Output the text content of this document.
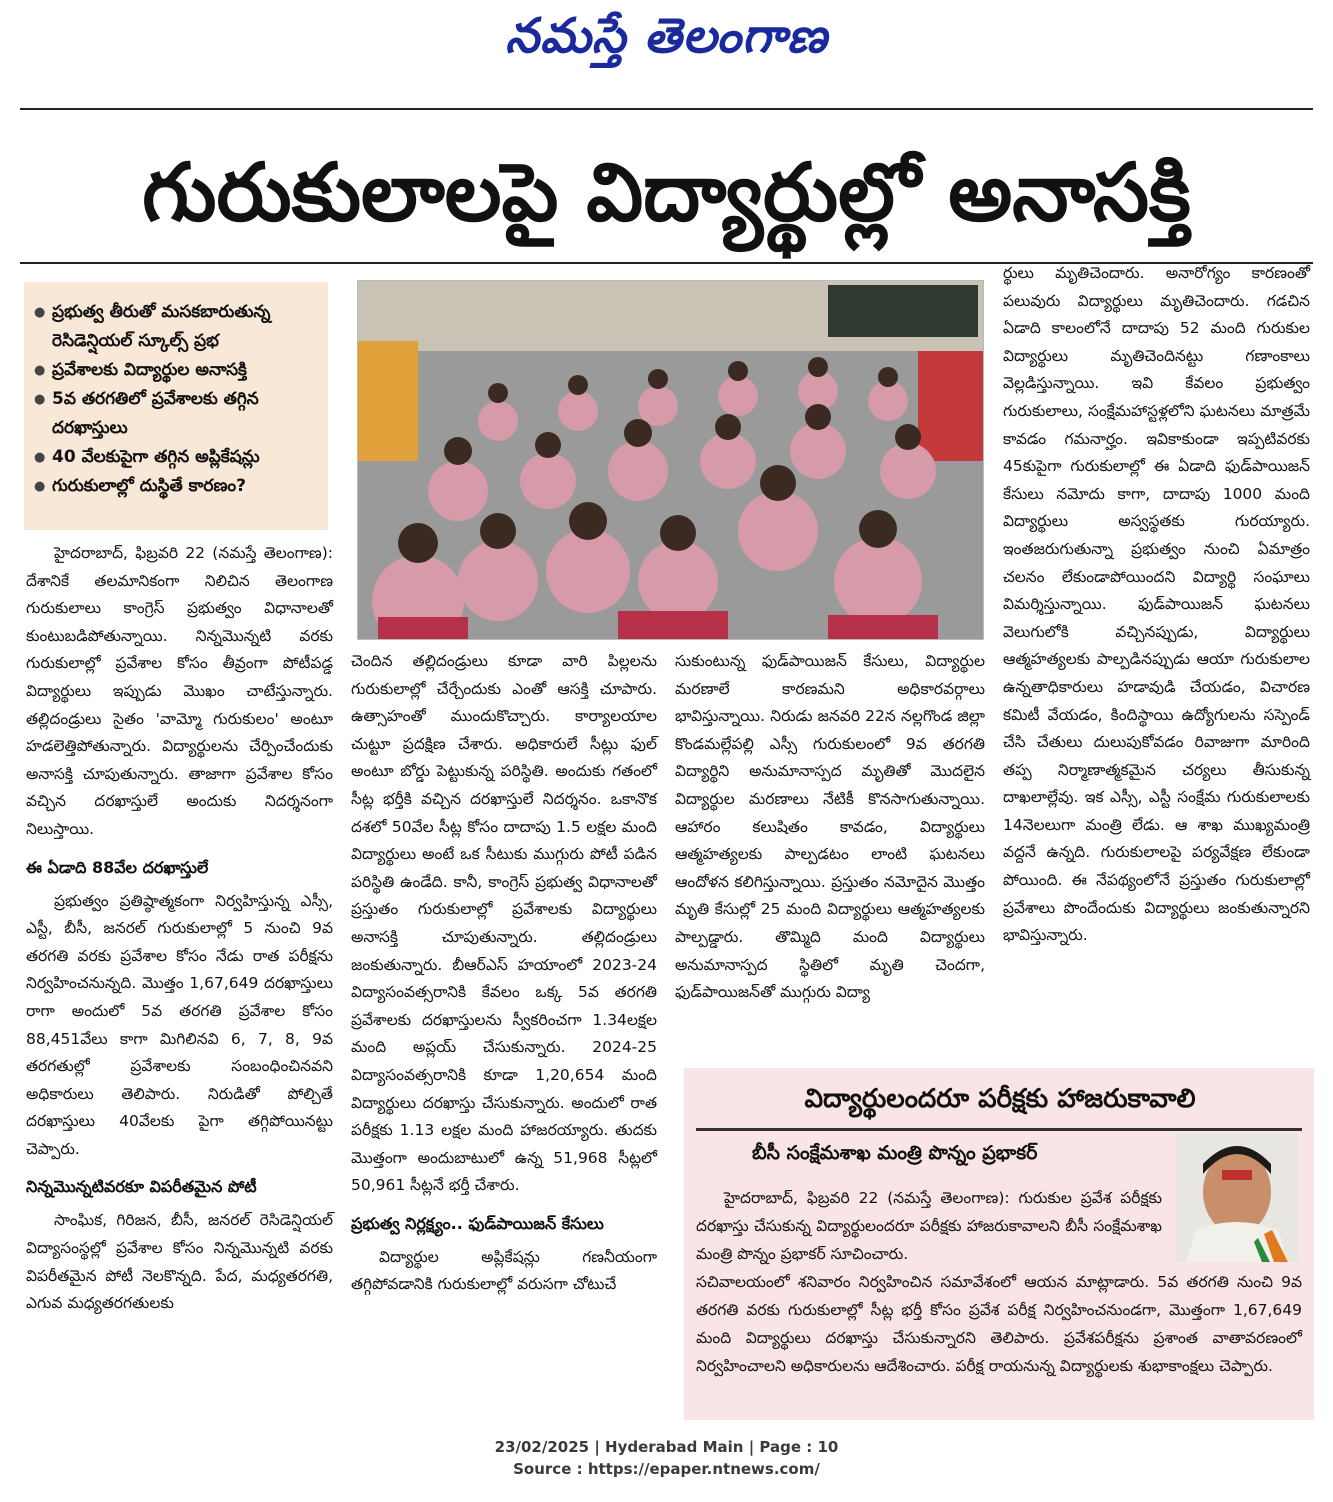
నమస్తే తెలంగాణ
గురుకులాలపై విద్యార్థుల్లో అనాసక్తి
● ప్రభుత్వ తీరుతో మసకబారుతున్న రెసిడెన్షియల్ స్కూల్స్ ప్రభ
● ప్రవేశాలకు విద్యార్థుల అనాసక్తి
● 5వ తరగతిలో ప్రవేశాలకు తగ్గిన దరఖాస్తులు
● 40 వేలకుపైగా తగ్గిన అప్లికేషన్లు
● గురుకులాల్లో దుస్థితే కారణం?

హైదరాబాద్, ఫిబ్రవరి 22 (నమస్తే తెలంగాణ): దేశానికే తలమానికంగా నిలిచిన తెలంగాణ గురుకులాలు కాంగ్రెస్ ప్రభుత్వం విధానాలతో కుంటుబడిపోతున్నాయి. నిన్నమొన్నటి వరకు గురుకులాల్లో ప్రవేశాల కోసం తీవ్రంగా పోటీపడ్డ విద్యార్థులు ఇప్పుడు మొఖం చాటేస్తున్నారు. తల్లిదండ్రులు సైతం 'వామ్మో గురుకులం' అంటూ హడలెత్తిపోతున్నారు. విద్యార్థులను చేర్పించేందుకు అనాసక్తి చూపుతున్నారు. తాజాగా ప్రవేశాల కోసం వచ్చిన దరఖాస్తులే అందుకు నిదర్శనంగా నిలుస్తాయి.

ఈ ఏడాది 88వేల దరఖాస్తులే

ప్రభుత్వం ప్రతిష్ఠాత్మకంగా నిర్వహిస్తున్న ఎస్సీ, ఎస్టీ, బీసీ, జనరల్ గురుకులాల్లో 5 నుంచి 9వ తరగతి వరకు ప్రవేశాల కోసం నేడు రాత పరీక్షను నిర్వహించనున్నది. మొత్తం 1,67,649 దరఖాస్తులు రాగా అందులో 5వ తరగతి ప్రవేశాల కోసం 88,451వేలు కాగా మిగిలినవి 6, 7, 8, 9వ తరగతుల్లో ప్రవేశాలకు సంబంధించినవని అధికారులు తెలిపారు. నిరుడితో పోల్చితే దరఖాస్తులు 40వేలకు పైగా తగ్గిపోయినట్టు చెప్పారు.

నిన్నమొన్నటివరకూ విపరీతమైన పోటీ

సాంఘిక, గిరిజన, బీసీ, జనరల్ రెసిడెన్షియల్ విద్యాసంస్థల్లో ప్రవేశాల కోసం నిన్నమొన్నటి వరకు విపరీతమైన పోటీ నెలకొన్నది. పేద, మధ్యతరగతి, ఎగువ మధ్యతరగతులకు

చెందిన తల్లిదండ్రులు కూడా వారి పిల్లలను గురుకులాల్లో చేర్చేందుకు ఎంతో ఆసక్తి చూపారు. ఉత్సాహంతో ముందుకొచ్చారు. కార్యాలయాల చుట్టూ ప్రదక్షిణ చేశారు. అధికారులే సీట్లు ఫుల్ అంటూ బోర్డు పెట్టుకున్న పరిస్థితి. అందుకు గతంలో సీట్ల భర్తీకి వచ్చిన దరఖాస్తులే నిదర్శనం. ఒకానొక దశలో 50వేల సీట్ల కోసం దాదాపు 1.5 లక్షల మంది విద్యార్థులు అంటే ఒక సీటుకు ముగ్గురు పోటీ పడిన పరిస్థితి ఉండేది. కానీ, కాంగ్రెస్ ప్రభుత్వ విధానాలతో ప్రస్తుతం గురుకులాల్లో ప్రవేశాలకు విద్యార్థులు అనాసక్తి చూపుతున్నారు. తల్లిదండ్రులు జంకుతున్నారు. బీఆర్ఎస్ హయాంలో 2023-24 విద్యాసంవత్సరానికి కేవలం ఒక్క 5వ తరగతి ప్రవేశాలకు దరఖాస్తులను స్వీకరించగా 1.34లక్షల మంది అప్లయ్ చేసుకున్నారు. 2024-25 విద్యాసంవత్సరానికి కూడా 1,20,654 మంది విద్యార్థులు దరఖాస్తు చేసుకున్నారు. అందులో రాత పరీక్షకు 1.13 లక్షల మంది హాజరయ్యారు. తుదకు మొత్తంగా అందుబాటులో ఉన్న 51,968 సీట్లలో 50,961 సీట్లనే భర్తీ చేశారు.

ప్రభుత్వ నిర్లక్ష్యం.. ఫుడ్‌పాయిజన్ కేసులు

విద్యార్థుల అప్లికేషన్లు గణనీయంగా తగ్గిపోవడానికి గురుకులాల్లో వరుసగా చోటుచే

సుకుంటున్న ఫుడ్‌పాయిజన్ కేసులు, విద్యార్థుల మరణాలే కారణమని అధికారవర్గాలు భావిస్తున్నాయి. నిరుడు జనవరి 22న నల్లగొండ జిల్లా కొండమల్లేపల్లి ఎస్సీ గురుకులంలో 9వ తరగతి విద్యార్థిని అనుమానాస్పద మృతితో మొదలైన విద్యార్థుల మరణాలు నేటికీ కొనసాగుతున్నాయి. ఆహారం కలుషితం కావడం, విద్యార్థులు ఆత్మహత్యలకు పాల్పడటం లాంటి ఘటనలు ఆందోళన కలిగిస్తున్నాయి. ప్రస్తుతం నమోదైన మొత్తం మృతి కేసుల్లో 25 మంది విద్యార్థులు ఆత్మహత్యలకు పాల్పడ్డారు. తొమ్మిది మంది విద్యార్థులు అనుమానాస్పద స్థితిలో మృతి చెందగా, ఫుడ్‌పాయిజన్‌తో ముగ్గురు విద్యా

ర్థులు మృతిచెందారు. అనారోగ్యం కారణంతో పలువురు విద్యార్థులు మృతిచెందారు. గడచిన ఏడాది కాలంలోనే దాదాపు 52 మంది గురుకుల విద్యార్థులు మృతిచెందినట్టు గణాంకాలు వెల్లడిస్తున్నాయి. ఇవి కేవలం ప్రభుత్వం గురుకులాలు, సంక్షేమహాస్టళ్లలోని ఘటనలు మాత్రమే కావడం గమనార్హం. ఇవికాకుండా ఇప్పటివరకు 45కుపైగా గురుకులాల్లో ఈ ఏడాది ఫుడ్‌పాయిజన్ కేసులు నమోదు కాగా, దాదాపు 1000 మంది విద్యార్థులు అస్వస్థతకు గురయ్యారు. ఇంతజరుగుతున్నా ప్రభుత్వం నుంచి ఏమాత్రం చలనం లేకుండాపోయిందని విద్యార్థి సంఘాలు విమర్శిస్తున్నాయి. ఫుడ్‌పాయిజన్ ఘటనలు వెలుగులోకి వచ్చినప్పుడు, విద్యార్థులు ఆత్మహత్యలకు పాల్పడినప్పుడు ఆయా గురుకులాల ఉన్నతాధికారులు హడావుడి చేయడం, విచారణ కమిటీ వేయడం, కిందిస్థాయి ఉద్యోగులను సస్పెండ్ చేసి చేతులు దులుపుకోవడం రివాజుగా మారింది తప్ప నిర్మాణాత్మకమైన చర్యలు తీసుకున్న దాఖలాల్లేవు. ఇక ఎస్సీ, ఎస్టీ సంక్షేమ గురుకులాలకు 14నెలలుగా మంత్రి లేడు. ఆ శాఖ ముఖ్యమంత్రి వద్దనే ఉన్నది. గురుకులాలపై పర్యవేక్షణ లేకుండా పోయింది. ఈ నేపథ్యంలోనే ప్రస్తుతం గురుకులాల్లో ప్రవేశాలు పొందేందుకు విద్యార్థులు జంకుతున్నారని భావిస్తున్నారు.

విద్యార్థులందరూ పరీక్షకు హాజరుకావాలి
బీసీ సంక్షేమశాఖ మంత్రి పొన్నం ప్రభాకర్

హైదరాబాద్, ఫిబ్రవరి 22 (నమస్తే తెలంగాణ): గురుకుల ప్రవేశ పరీక్షకు దరఖాస్తు చేసుకున్న విద్యార్థులందరూ పరీక్షకు హాజరుకావాలని బీసీ సంక్షేమశాఖ మంత్రి పొన్నం ప్రభాకర్ సూచించారు.

సచివాలయంలో శనివారం నిర్వహించిన సమావేశంలో ఆయన మాట్లాడారు. 5వ తరగతి నుంచి 9వ తరగతి వరకు గురుకులాల్లో సీట్ల భర్తీ కోసం ప్రవేశ పరీక్ష నిర్వహించనుండగా, మొత్తంగా 1,67,649 మంది విద్యార్థులు దరఖాస్తు చేసుకున్నారని తెలిపారు. ప్రవేశపరీక్షను ప్రశాంత వాతావరణంలో నిర్వహించాలని అధికారులను ఆదేశించారు. పరీక్ష రాయనున్న విద్యార్థులకు శుభాకాంక్షలు చెప్పారు.

23/02/2025 | Hyderabad Main | Page : 10
Source : https://epaper.ntnews.com/
